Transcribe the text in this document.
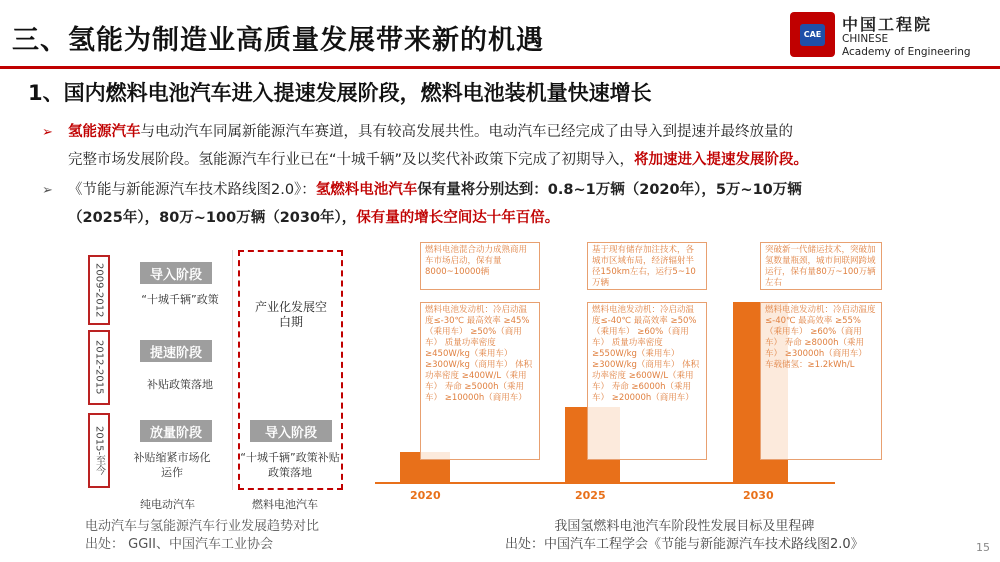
三、氢能为制造业高质量发展带来新的机遇	CAE
中国工程院
CHINESE
Academy of Engineering
1、国内燃料电池汽车进入提速发展阶段，燃料电池装机量快速增长
➢ 氢能源汽车与电动汽车同属新能源汽车赛道，具有较高发展共性。电动汽车已经完成了由导入到提速并最终放量的
完整市场发展阶段。氢能源汽车行业已在“十城千辆”及以奖代补政策下完成了初期导入，将加速进入提速发展阶段。
➢ 《节能与新能源汽车技术路线图2.0》：氢燃料电池汽车保有量将分别达到：0.8~1万辆（2020年），5万~10万辆
（2025年），80万~100万辆（2030年），保有量的增长空间达十年百倍。
2009-2012
2012-2015
2015-至今
导入阶段
“十城千辆”政策
提速阶段
补贴政策落地
放量阶段
补贴缩紧市场化运作
产业化发展空白期
导入阶段
“十城千辆”政策补贴政策落地
纯电动汽车	燃料电池汽车
电动汽车与氢能源汽车行业发展趋势对比
出处： GGII、中国汽车工业协会
2020	2025	2030
燃料电池混合动力成熟商用车市场启动，保有量8000~10000辆
基于现有储存加注技术，各城市区域布局，经济辐射半径150km左右，运行5~10万辆
突破新一代储运技术，突破加氢数量瓶颈，城市间联网跨域运行，保有量80万~100万辆左右
燃料电池发动机：冷启动温度≤-30℃ 最高效率 ≥45%（乘用车） ≥50%（商用车） 质量功率密度 ≥450W/kg（乘用车） ≥300W/kg（商用车） 体积功率密度 ≥400W/L（乘用车） 寿命 ≥5000h（乘用车） ≥10000h（商用车）
燃料电池发动机：冷启动温度≤-40℃ 最高效率 ≥50%（乘用车） ≥60%（商用车） 质量功率密度 ≥550W/kg（乘用车） ≥300W/kg（商用车） 体积功率密度 ≥600W/L（乘用车） 寿命 ≥6000h（乘用车） ≥20000h（商用车）
燃料电池发动机：冷启动温度≤-40℃ 最高效率 ≥55%（乘用车） ≥60%（商用车） 寿命 ≥8000h（乘用车） ≥30000h（商用车） 车载储氢：≥1.2kWh/L
我国氢燃料电池汽车阶段性发展目标及里程碑
出处：中国汽车工程学会《节能与新能源汽车技术路线图2.0》	15
